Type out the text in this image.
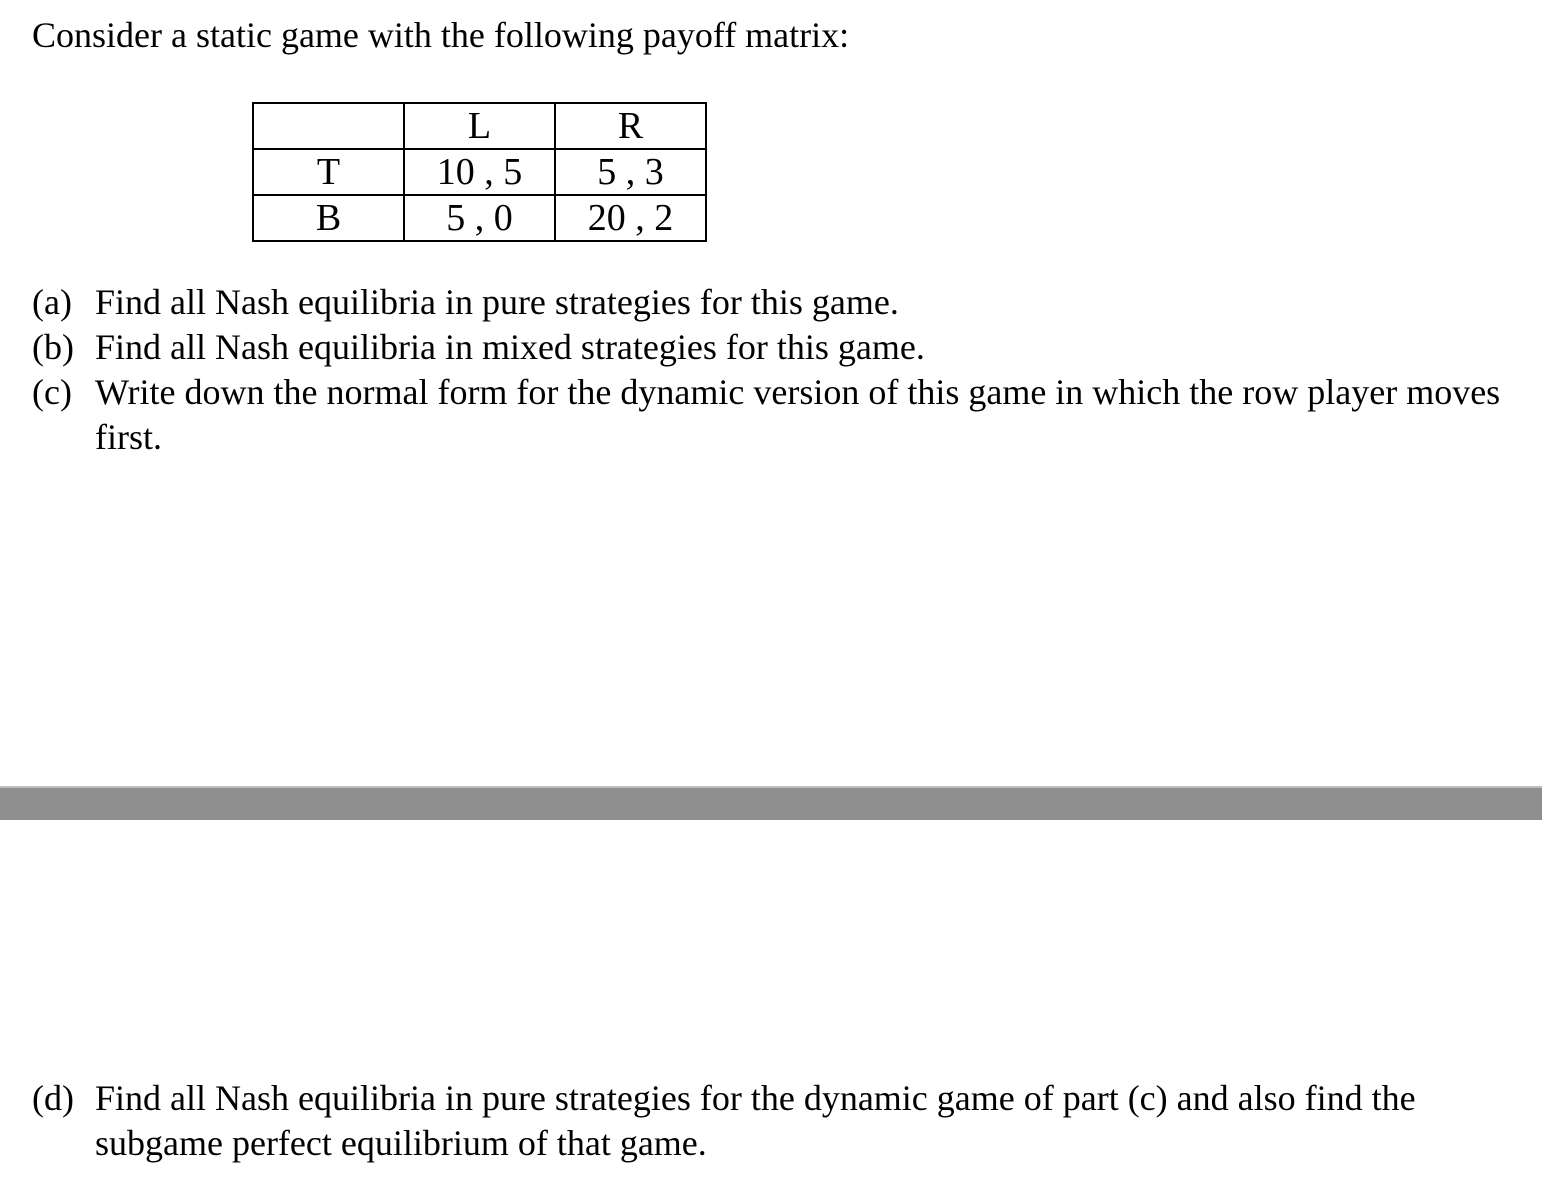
Consider a static game with the following payoff matrix:
	L	R
T	10 , 5	5 , 3
B	5 , 0	20 , 2
(a) Find all Nash equilibria in pure strategies for this game.
(b) Find all Nash equilibria in mixed strategies for this game.
(c) Write down the normal form for the dynamic version of this game in which the row player moves first.
(d) Find all Nash equilibria in pure strategies for the dynamic game of part (c) and also find the subgame perfect equilibrium of that game.
